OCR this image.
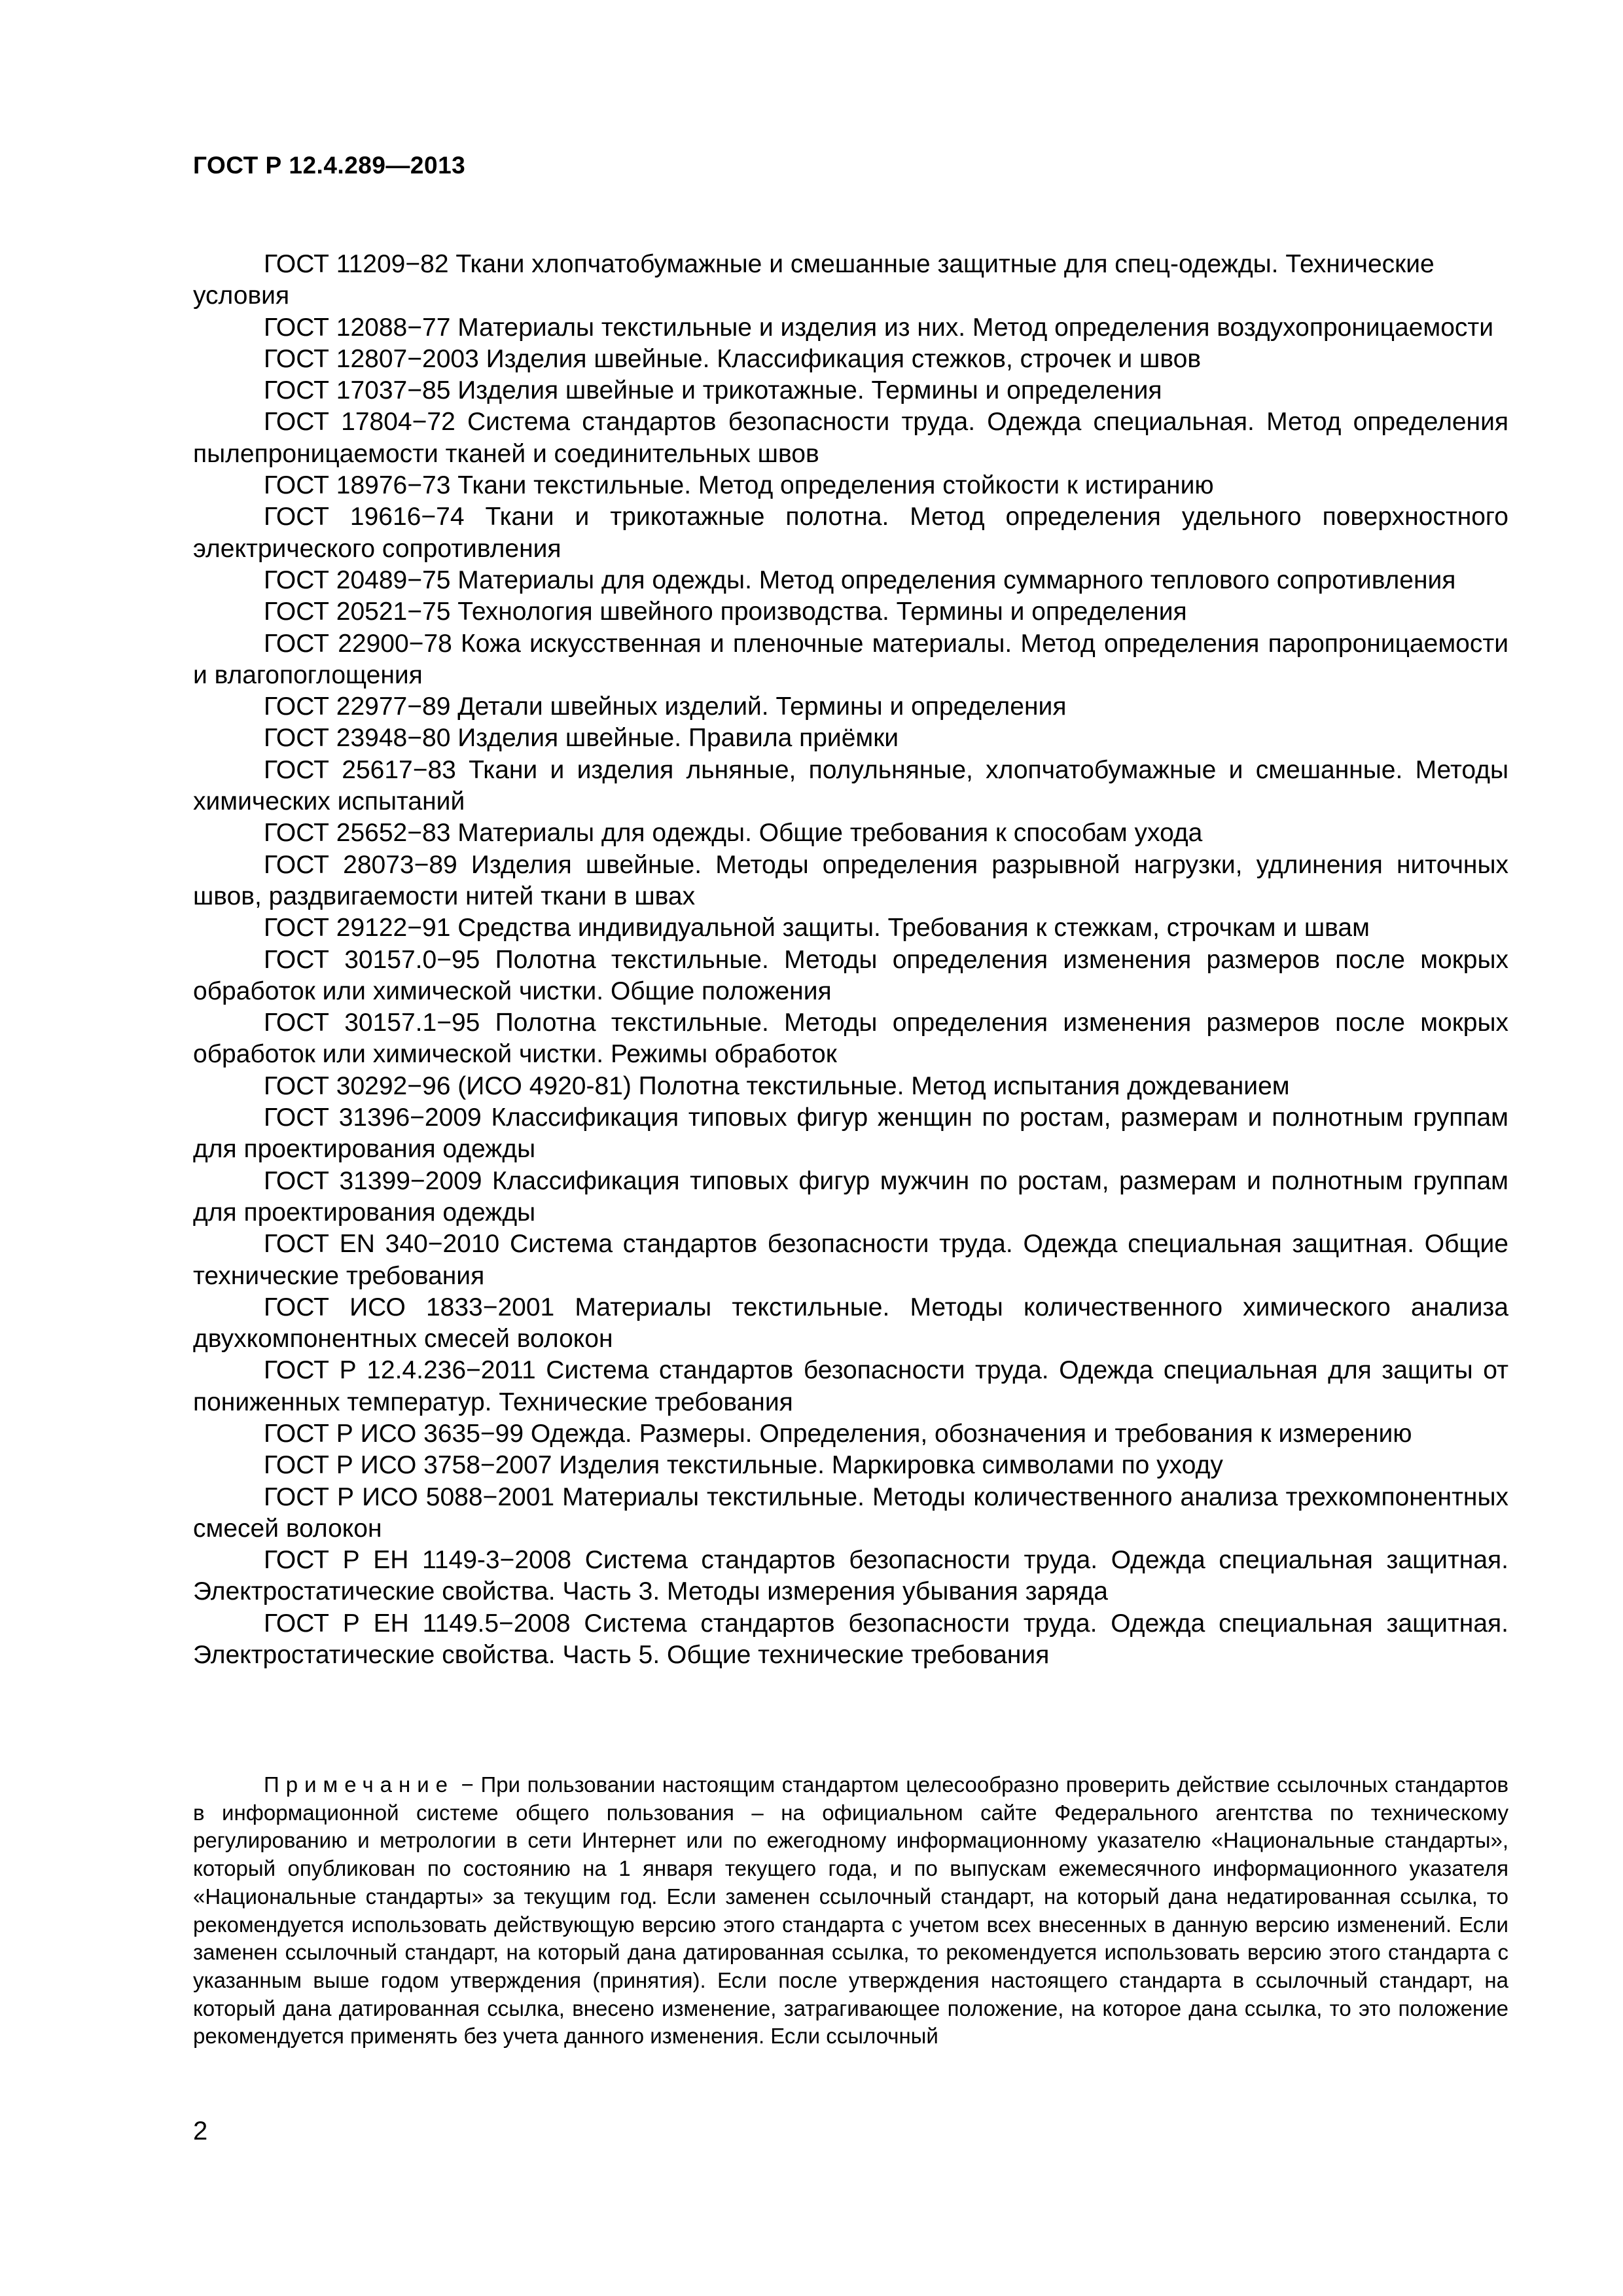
ГОСТ Р 12.4.289—2013

ГОСТ 11209−82 Ткани хлопчатобумажные и смешанные защитные для спец-одежды. Технические условия

ГОСТ 12088−77 Материалы текстильные и изделия из них. Метод определения воздухопроницаемости

ГОСТ 12807−2003 Изделия швейные. Классификация стежков, строчек и швов

ГОСТ 17037−85 Изделия швейные и трикотажные. Термины и определения

ГОСТ 17804−72 Система стандартов безопасности труда. Одежда специальная. Метод определения пылепроницаемости тканей и соединительных швов

ГОСТ 18976−73 Ткани текстильные. Метод определения стойкости к истиранию

ГОСТ 19616−74 Ткани и трикотажные полотна. Метод определения удельного поверхностного электрического сопротивления

ГОСТ 20489−75 Материалы для одежды. Метод определения суммарного теплового сопротивления

ГОСТ 20521−75 Технология швейного производства. Термины и определения

ГОСТ 22900−78 Кожа искусственная и пленочные материалы. Метод определения паропроницаемости и влагопоглощения

ГОСТ 22977−89 Детали швейных изделий. Термины и определения

ГОСТ 23948−80 Изделия швейные. Правила приёмки

ГОСТ 25617−83 Ткани и изделия льняные, полульняные, хлопчатобумажные и смешанные. Методы химических испытаний

ГОСТ 25652−83 Материалы для одежды. Общие требования к способам ухода

ГОСТ 28073−89 Изделия швейные. Методы определения разрывной нагрузки, удлинения ниточных швов, раздвигаемости нитей ткани в швах

ГОСТ 29122−91 Средства индивидуальной защиты. Требования к стежкам, строчкам и швам

ГОСТ 30157.0−95 Полотна текстильные. Методы определения изменения размеров после мокрых обработок или химической чистки. Общие положения

ГОСТ 30157.1−95 Полотна текстильные. Методы определения изменения размеров после мокрых обработок или химической чистки. Режимы обработок

ГОСТ 30292−96 (ИСО 4920-81) Полотна текстильные. Метод испытания дождеванием

ГОСТ 31396−2009 Классификация типовых фигур женщин по ростам, размерам и полнотным группам для проектирования одежды

ГОСТ 31399−2009 Классификация типовых фигур мужчин по ростам, размерам и полнотным группам для проектирования одежды

ГОСТ EN 340−2010 Система стандартов безопасности труда. Одежда специальная защитная. Общие технические требования

ГОСТ ИСО 1833−2001 Материалы текстильные. Методы количественного химического анализа двухкомпонентных смесей волокон

ГОСТ Р 12.4.236−2011 Система стандартов безопасности труда. Одежда специальная для защиты от пониженных температур. Технические требования

ГОСТ Р ИСО 3635−99 Одежда. Размеры. Определения, обозначения и требования к измерению

ГОСТ Р ИСО 3758−2007 Изделия текстильные. Маркировка символами по уходу

ГОСТ Р ИСО 5088−2001 Материалы текстильные. Методы количественного анализа трехкомпонентных смесей волокон

ГОСТ Р ЕН 1149-3−2008 Система стандартов безопасности труда. Одежда специальная защитная. Электростатические свойства. Часть 3. Методы измерения убывания заряда

ГОСТ Р ЕН 1149.5−2008 Система стандартов безопасности труда. Одежда специальная защитная. Электростатические свойства. Часть 5. Общие технические требования

Примечание − При пользовании настоящим стандартом целесообразно проверить действие ссылочных стандартов в информационной системе общего пользования – на официальном сайте Федерального агентства по техническому регулированию и метрологии в сети Интернет или по ежегодному информационному указателю «Национальные стандарты», который опубликован по состоянию на 1 января текущего года, и по выпускам ежемесячного информационного указателя «Национальные стандарты» за текущим год. Если заменен ссылочный стандарт, на который дана недатированная ссылка, то рекомендуется использовать действующую версию этого стандарта с учетом всех внесенных в данную версию изменений. Если заменен ссылочный стандарт, на который дана датированная ссылка, то рекомендуется использовать версию этого стандарта с указанным выше годом утверждения (принятия). Если после утверждения настоящего стандарта в ссылочный стандарт, на который дана датированная ссылка, внесено изменение, затрагивающее положение, на которое дана ссылка, то это положение рекомендуется применять без учета данного изменения. Если ссылочный

2
